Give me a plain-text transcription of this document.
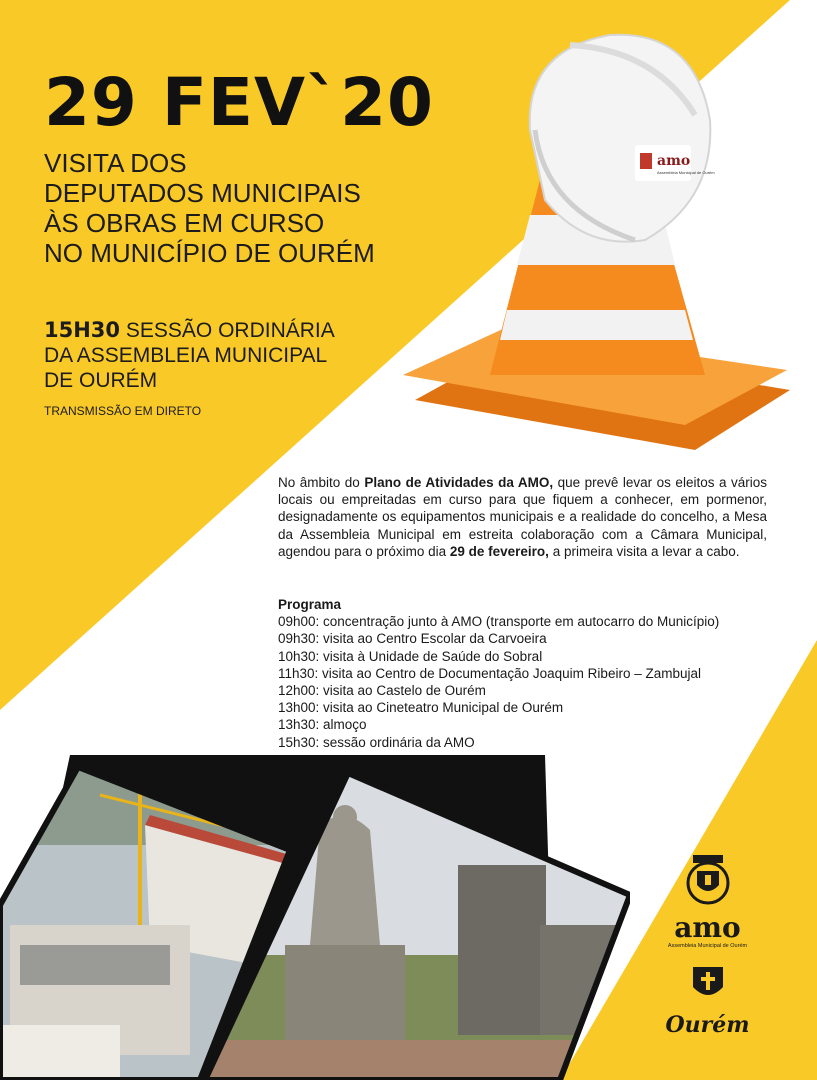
29 FEV`20
VISITA DOS
DEPUTADOS MUNICIPAIS
ÀS OBRAS EM CURSO
NO MUNICÍPIO DE OURÉM
15H30 SESSÃO ORDINÁRIA
DA ASSEMBLEIA MUNICIPAL
DE OURÉM
TRANSMISSÃO EM DIRETO
amo
Assembleia Municipal de Ourém
No âmbito do Plano de Atividades da AMO, que prevê levar os eleitos a vários locais ou empreitadas em curso para que fiquem a conhecer, em pormenor, designadamente os equipamentos municipais e a realidade do concelho, a Mesa da Assembleia Municipal em estreita colaboração com a Câmara Municipal, agendou para o próximo dia 29 de fevereiro, a primeira visita a levar a cabo.
Programa
09h00: concentração junto à AMO (transporte em autocarro do Município)
09h30: visita ao Centro Escolar da Carvoeira
10h30: visita à Unidade de Saúde do Sobral
11h30: visita ao Centro de Documentação Joaquim Ribeiro – Zambujal
12h00: visita ao Castelo de Ourém
13h00: visita ao Cineteatro Municipal de Ourém
13h30: almoço
15h30: sessão ordinária da AMO
amo
Assembleia Municipal de Ourém
Ourém
